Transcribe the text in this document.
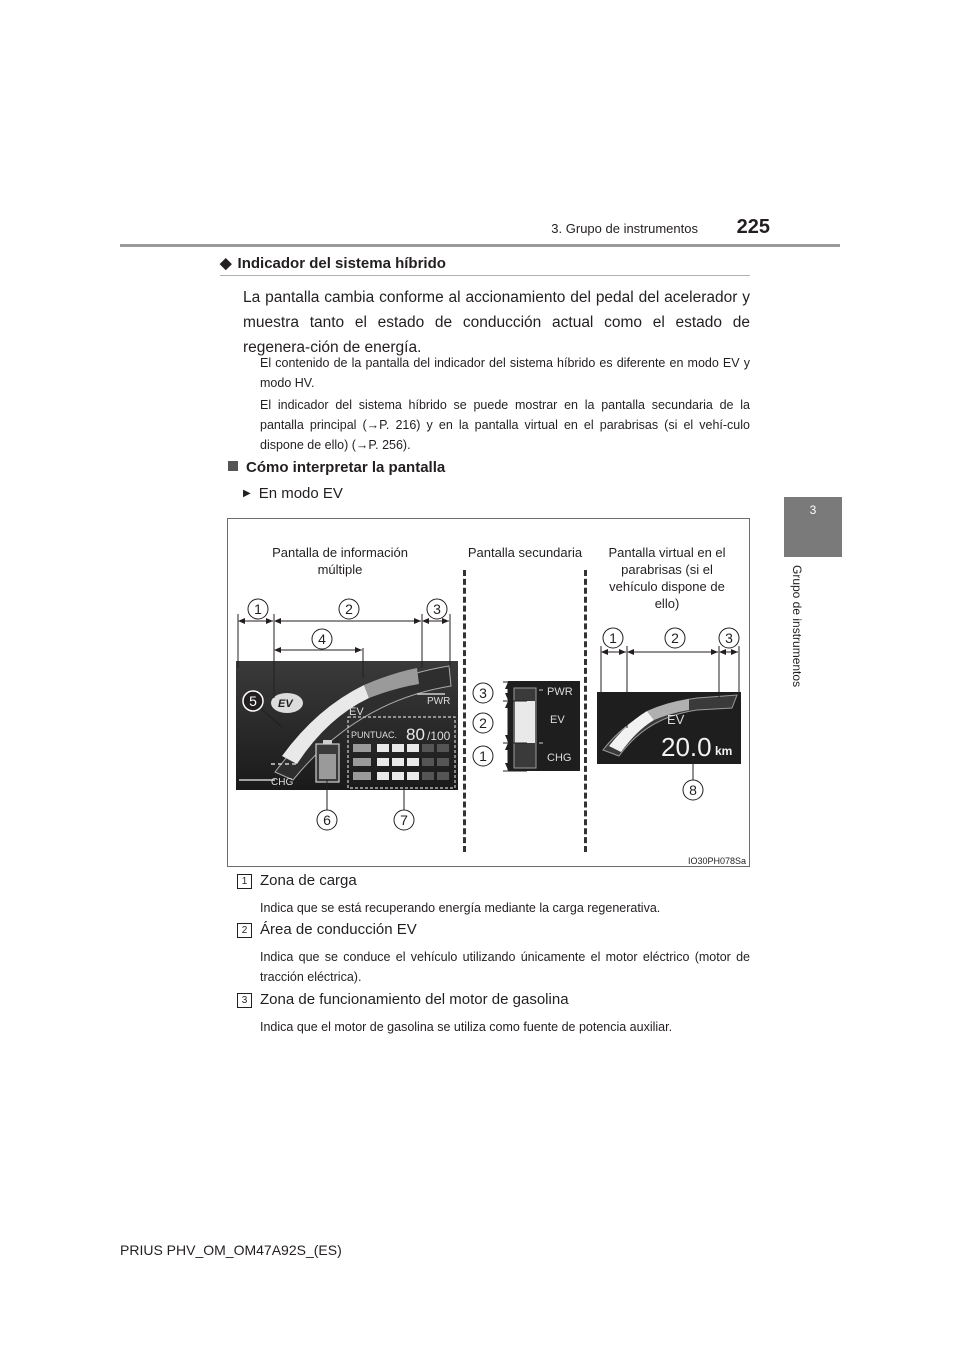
3. Grupo de instrumentos 225
3
Grupo de instrumentos
◆ Indicador del sistema híbrido
La pantalla cambia conforme al accionamiento del pedal del acelerador y muestra tanto el estado de conducción actual como el estado de regenera-ción de energía.
El contenido de la pantalla del indicador del sistema híbrido es diferente en modo EV y modo HV.
El indicador del sistema híbrido se puede mostrar en la pantalla secundaria de la pantalla principal (→P. 216) y en la pantalla virtual en el parabrisas (si el vehí-culo dispone de ello) (→P. 256).
Cómo interpretar la pantalla
▶ En modo EV
Pantalla de información múltiple
Pantalla secundaria	Pantalla virtual en el parabrisas (si el vehículo dispone de ello)
PWR
EV
CHG
EV
PUNTUAC. 80 /100
1	2	3
4
5
6	7
PWR
EV
CHG
3
2
1
EV
20.0 km
1	2	3
8
IO30PH078Sa
1 Zona de carga
Indica que se está recuperando energía mediante la carga regenerativa.
2 Área de conducción EV
Indica que se conduce el vehículo utilizando únicamente el motor eléctrico (motor de tracción eléctrica).
3 Zona de funcionamiento del motor de gasolina
Indica que el motor de gasolina se utiliza como fuente de potencia auxiliar.
PRIUS PHV_OM_OM47A92S_(ES)
